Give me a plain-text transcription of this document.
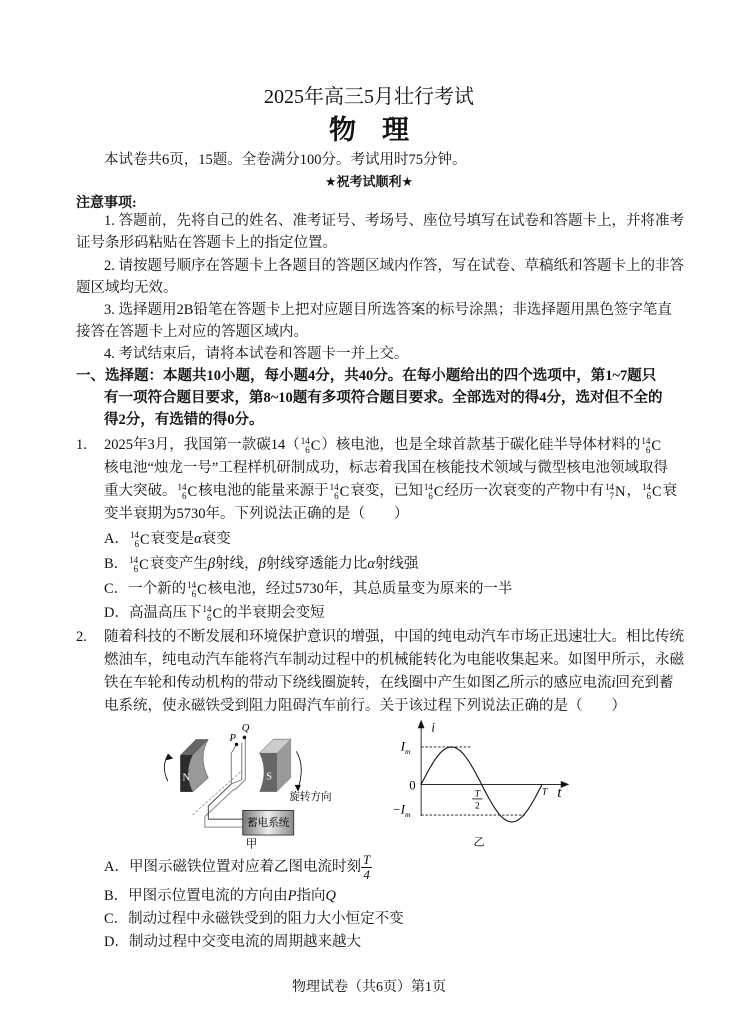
2025年高三5月壮行考试
物理
本试卷共6页，15题。全卷满分100分。考试用时75分钟。
★祝考试顺利★
注意事项:
1. 答题前，先将自己的姓名、准考证号、考场号、座位号填写在试卷和答题卡上，并将准考
证号条形码粘贴在答题卡上的指定位置。
2. 请按题号顺序在答题卡上各题目的答题区域内作答，写在试卷、草稿纸和答题卡上的非答
题区域均无效。
3. 选择题用2B铅笔在答题卡上把对应题目所选答案的标号涂黑；非选择题用黑色签字笔直
接答在答题卡上对应的答题区域内。
4. 考试结束后，请将本试卷和答题卡一并上交。
一、选择题：本题共10小题，每小题4分，共40分。在每小题给出的四个选项中，第1~7题只
有一项符合题目要求，第8~10题有多项符合题目要求。全部选对的得4分，选对但不全的
得2分，有选错的得0分。
1. 2025年3月，我国第一款碳14（ 14
6 C ）核电池，也是全球首款基于碳化硅半导体材料的 14
6 C
核电池“烛龙一号”工程样机研制成功，标志着我国在核能技术领域与微型核电池领域取得
重大突破。 14
6 C 核电池的能量来源于 14
6 C 衰变，已知 14
6 C 经历一次衰变的产物中有 14
7 N ， 14
6 C 衰
变半衰期为5730年。下列说法正确的是（　　）
A． 14
6 C 衰变是α衰变
B． 14
6 C 衰变产生β射线，β射线穿透能力比α射线强
C．一个新的 14
6 C 核电池，经过5730年，其总质量变为原来的一半
D．高温高压下 14
6 C 的半衰期会变短
2. 随着科技的不断发展和环境保护意识的增强，中国的纯电动汽车市场正迅速壮大。相比传统
燃油车，纯电动汽车能将汽车制动过程中的机械能转化为电能收集起来。如图甲所示，永磁
铁在车轮和传动机构的带动下绕线圈旋转，在线圈中产生如图乙所示的感应电流i回充到蓄
电系统，使永磁铁受到阻力阻碍汽车前行。关于该过程下列说法正确的是（　　）
N	S
P
Q
旋转方向
蓄电系统
甲
i
t
0
$I_m$
$-I_m$
T
2
T
乙
A．甲图示磁铁位置对应着乙图电流时刻 $\frac{T}{4}$
B．甲图示位置电流的方向由P指向Q
C．制动过程中永磁铁受到的阻力大小恒定不变
D．制动过程中交变电流的周期越来越大
物理试卷（共6页）第1页
